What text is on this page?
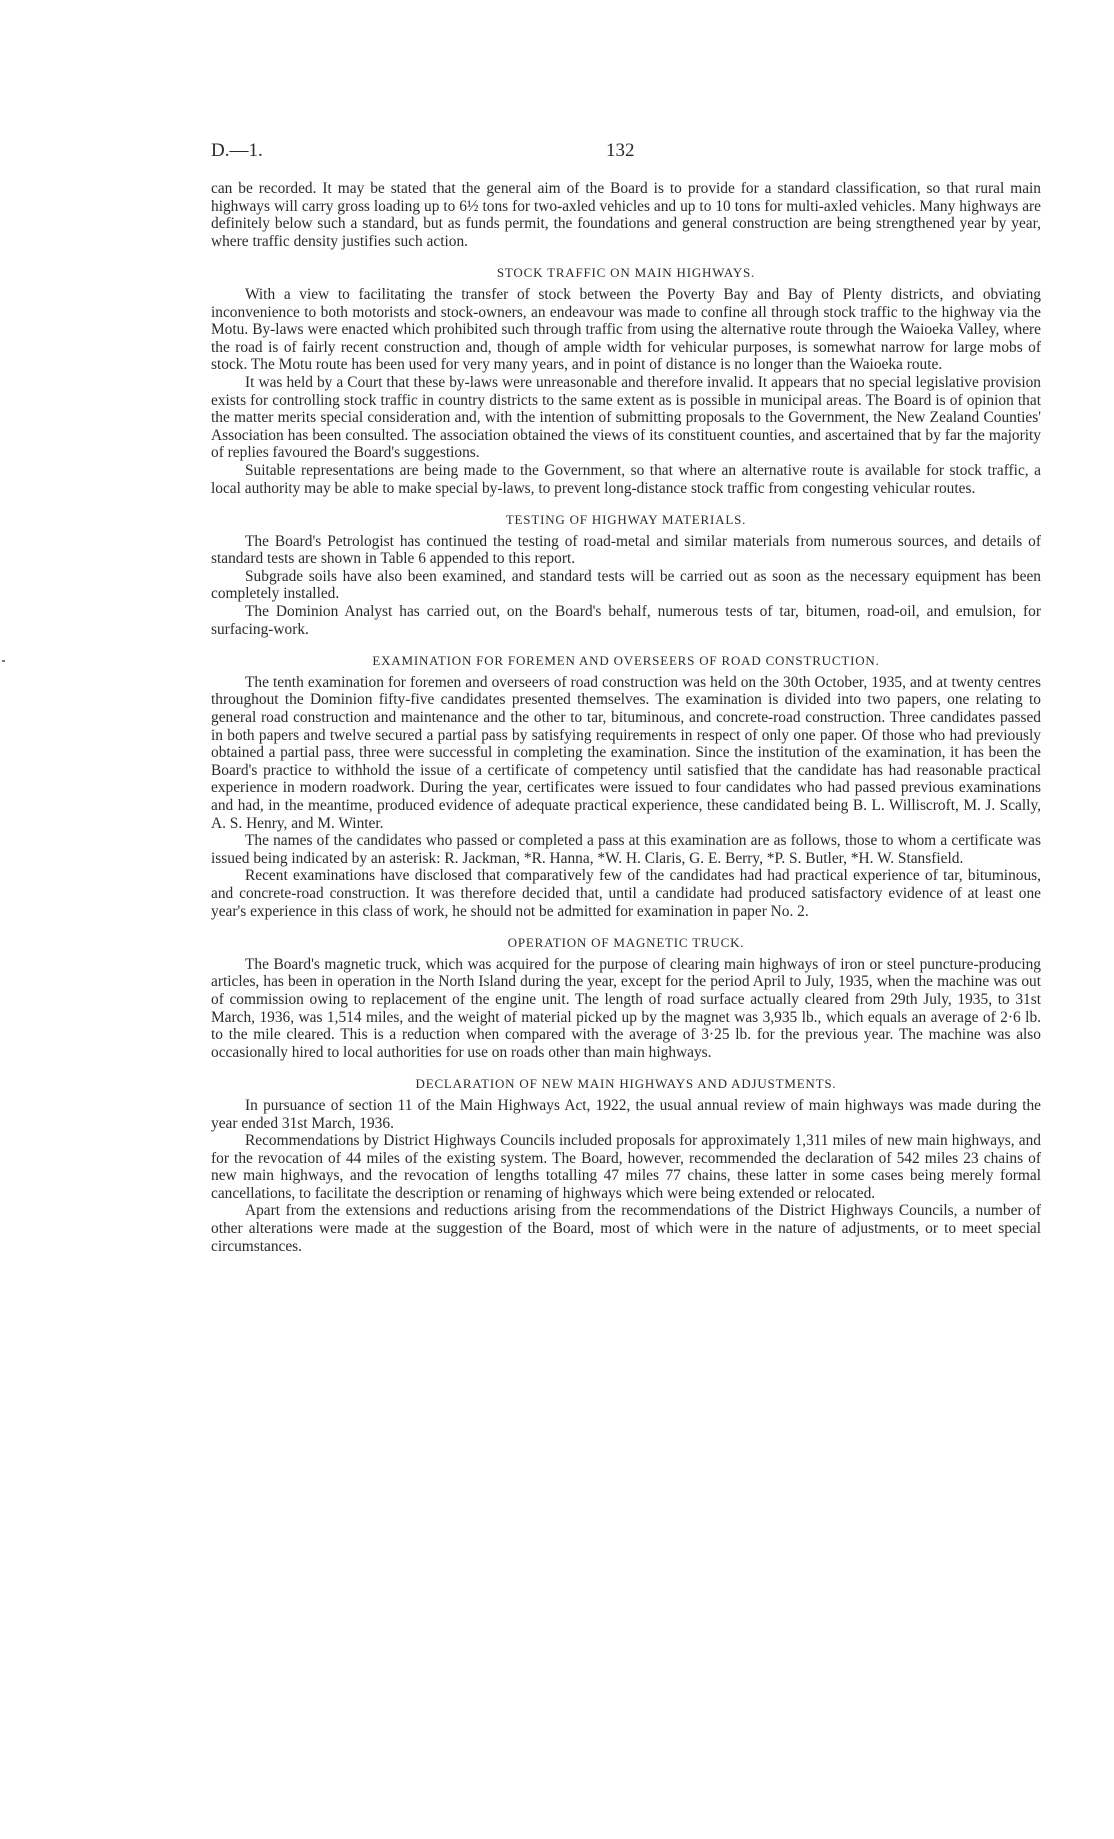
D.—1.	132

can be recorded. It may be stated that the general aim of the Board is to provide for a standard classification, so that rural main highways will carry gross loading up to 6½ tons for two-axled vehicles and up to 10 tons for multi-axled vehicles. Many highways are definitely below such a standard, but as funds permit, the foundations and general construction are being strengthened year by year, where traffic density justifies such action.

STOCK TRAFFIC ON MAIN HIGHWAYS.

With a view to facilitating the transfer of stock between the Poverty Bay and Bay of Plenty districts, and obviating inconvenience to both motorists and stock-owners, an endeavour was made to confine all through stock traffic to the highway via the Motu. By-laws were enacted which prohibited such through traffic from using the alternative route through the Waioeka Valley, where the road is of fairly recent construction and, though of ample width for vehicular purposes, is somewhat narrow for large mobs of stock. The Motu route has been used for very many years, and in point of distance is no longer than the Waioeka route.

It was held by a Court that these by-laws were unreasonable and therefore invalid. It appears that no special legislative provision exists for controlling stock traffic in country districts to the same extent as is possible in municipal areas. The Board is of opinion that the matter merits special consideration and, with the intention of submitting proposals to the Government, the New Zealand Counties' Association has been consulted. The association obtained the views of its constituent counties, and ascertained that by far the majority of replies favoured the Board's suggestions.

Suitable representations are being made to the Government, so that where an alternative route is available for stock traffic, a local authority may be able to make special by-laws, to prevent long-distance stock traffic from congesting vehicular routes.

TESTING OF HIGHWAY MATERIALS.

The Board's Petrologist has continued the testing of road-metal and similar materials from numerous sources, and details of standard tests are shown in Table 6 appended to this report.

Subgrade soils have also been examined, and standard tests will be carried out as soon as the necessary equipment has been completely installed.

The Dominion Analyst has carried out, on the Board's behalf, numerous tests of tar, bitumen, road-oil, and emulsion, for surfacing-work.

EXAMINATION FOR FOREMEN AND OVERSEERS OF ROAD CONSTRUCTION.

The tenth examination for foremen and overseers of road construction was held on the 30th October, 1935, and at twenty centres throughout the Dominion fifty-five candidates presented themselves. The examination is divided into two papers, one relating to general road construction and maintenance and the other to tar, bituminous, and concrete-road construction. Three candidates passed in both papers and twelve secured a partial pass by satisfying requirements in respect of only one paper. Of those who had previously obtained a partial pass, three were successful in completing the examination. Since the institution of the examination, it has been the Board's practice to withhold the issue of a certificate of competency until satisfied that the candidate has had reasonable practical experience in modern roadwork. During the year, certificates were issued to four candidates who had passed previous examinations and had, in the meantime, produced evidence of adequate practical experience, these candidated being B. L. Williscroft, M. J. Scally, A. S. Henry, and M. Winter.

The names of the candidates who passed or completed a pass at this examination are as follows, those to whom a certificate was issued being indicated by an asterisk: R. Jackman, *R. Hanna, *W. H. Claris, G. E. Berry, *P. S. Butler, *H. W. Stansfield.

Recent examinations have disclosed that comparatively few of the candidates had had practical experience of tar, bituminous, and concrete-road construction. It was therefore decided that, until a candidate had produced satisfactory evidence of at least one year's experience in this class of work, he should not be admitted for examination in paper No. 2.

OPERATION OF MAGNETIC TRUCK.

The Board's magnetic truck, which was acquired for the purpose of clearing main highways of iron or steel puncture-producing articles, has been in operation in the North Island during the year, except for the period April to July, 1935, when the machine was out of commission owing to replacement of the engine unit. The length of road surface actually cleared from 29th July, 1935, to 31st March, 1936, was 1,514 miles, and the weight of material picked up by the magnet was 3,935 lb., which equals an average of 2·6 lb. to the mile cleared. This is a reduction when compared with the average of 3·25 lb. for the previous year. The machine was also occasionally hired to local authorities for use on roads other than main highways.

DECLARATION OF NEW MAIN HIGHWAYS AND ADJUSTMENTS.

In pursuance of section 11 of the Main Highways Act, 1922, the usual annual review of main highways was made during the year ended 31st March, 1936.

Recommendations by District Highways Councils included proposals for approximately 1,311 miles of new main highways, and for the revocation of 44 miles of the existing system. The Board, however, recommended the declaration of 542 miles 23 chains of new main highways, and the revocation of lengths totalling 47 miles 77 chains, these latter in some cases being merely formal cancellations, to facilitate the description or renaming of highways which were being extended or relocated.

Apart from the extensions and reductions arising from the recommendations of the District Highways Councils, a number of other alterations were made at the suggestion of the Board, most of which were in the nature of adjustments, or to meet special circumstances.
